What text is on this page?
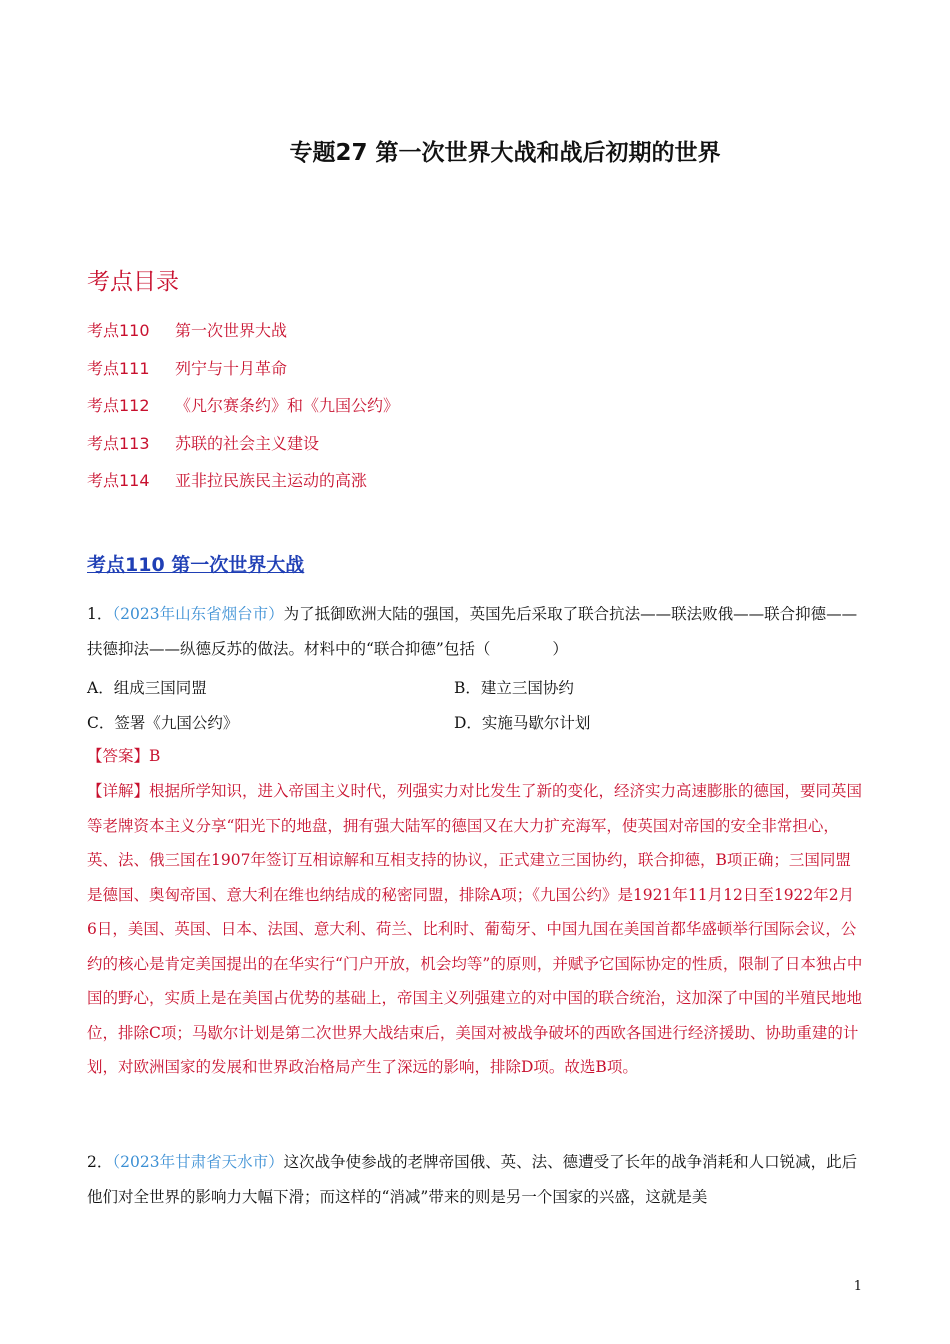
专题27 第一次世界大战和战后初期的世界
考点目录
考点110 第一次世界大战
考点111 列宁与十月革命
考点112 《凡尔赛条约》和《九国公约》
考点113 苏联的社会主义建设
考点114 亚非拉民族民主运动的高涨
考点110 第一次世界大战
1．（2023年山东省烟台市）为了抵御欧洲大陆的强国，英国先后采取了联合抗法——联法败俄——联合抑德——扶德抑法——纵德反苏的做法。材料中的“联合抑德”包括（　　　　）
A．组成三国同盟	B．建立三国协约
C．签署《九国公约》	D．实施马歇尔计划
【答案】B
【详解】根据所学知识，进入帝国主义时代，列强实力对比发生了新的变化，经济实力高速膨胀的德国，要同英国等老牌资本主义分享“阳光下的地盘，拥有强大陆军的德国又在大力扩充海军，使英国对帝国的安全非常担心，英、法、俄三国在1907年签订互相谅解和互相支持的协议，正式建立三国协约，联合抑德，B项正确；三国同盟是德国、奥匈帝国、意大利在维也纳结成的秘密同盟，排除A项；《九国公约》是1921年11月12日至1922年2月6日，美国、英国、日本、法国、意大利、荷兰、比利时、葡萄牙、中国九国在美国首都华盛顿举行国际会议，公约的核心是肯定美国提出的在华实行“门户开放，机会均等”的原则，并赋予它国际协定的性质，限制了日本独占中国的野心，实质上是在美国占优势的基础上，帝国主义列强建立的对中国的联合统治，这加深了中国的半殖民地地位，排除C项；马歇尔计划是第二次世界大战结束后，美国对被战争破坏的西欧各国进行经济援助、协助重建的计划，对欧洲国家的发展和世界政治格局产生了深远的影响，排除D项。故选B项。
2．（2023年甘肃省天水市）这次战争使参战的老牌帝国俄、英、法、德遭受了长年的战争消耗和人口锐减，此后他们对全世界的影响力大幅下滑；而这样的“消减”带来的则是另一个国家的兴盛，这就是美
1
